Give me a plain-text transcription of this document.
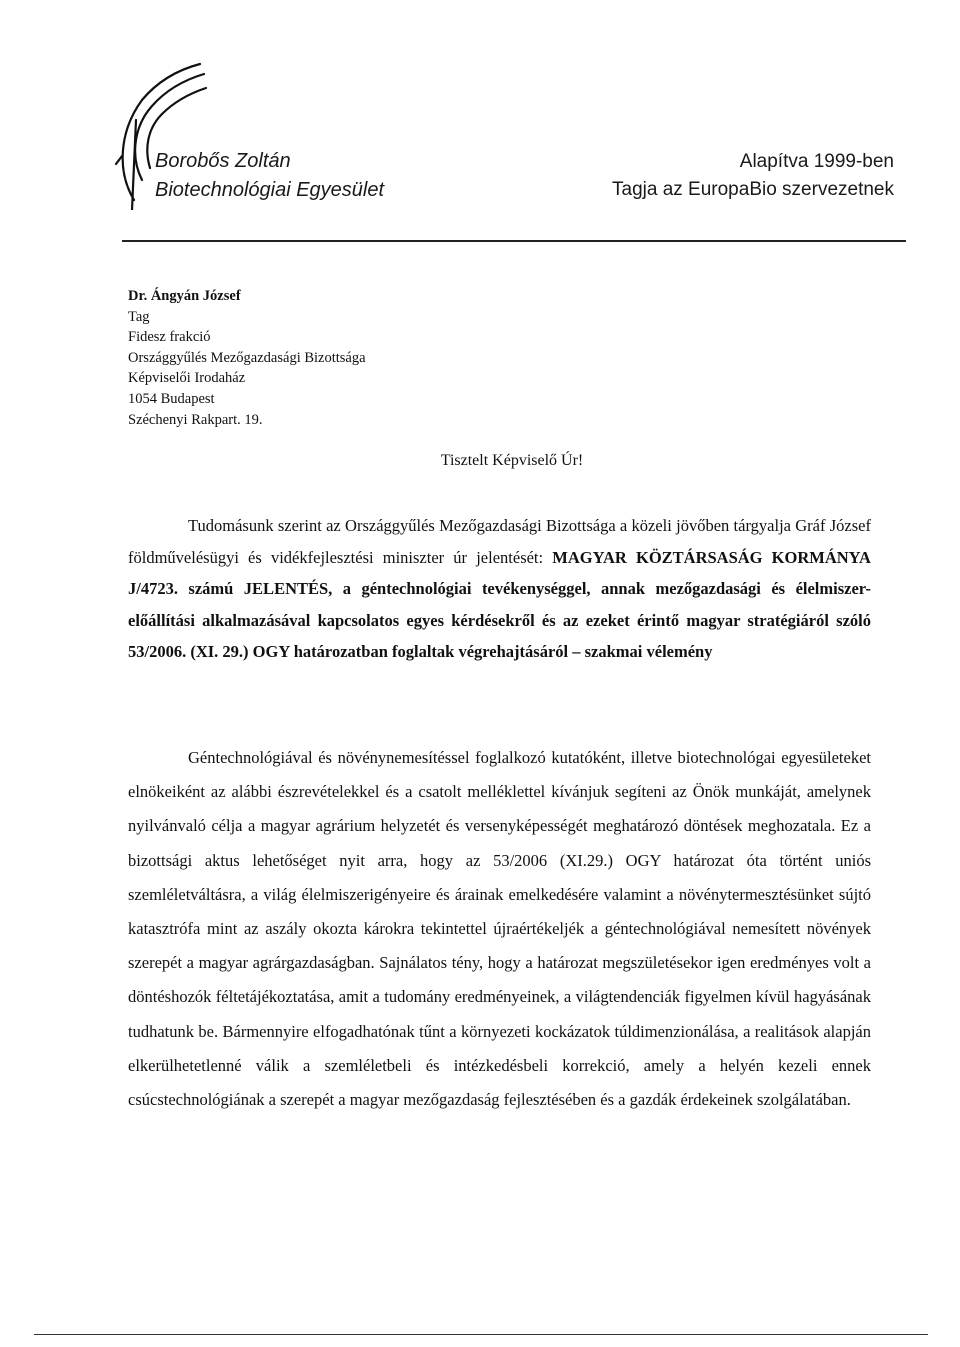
Borobős Zoltán
Biotechnológiai Egyesület
Alapítva 1999-ben
Tagja az EuropaBio szervezetnek
Dr. Ángyán József
Tag
Fidesz frakció
Országgyűlés Mezőgazdasági Bizottsága
Képviselői Irodaház
1054 Budapest
Széchenyi Rakpart. 19.
Tisztelt Képviselő Úr!
Tudomásunk szerint az Országgyűlés Mezőgazdasági Bizottsága a közeli jövőben tárgyalja Gráf József földművelésügyi és vidékfejlesztési miniszter úr jelentését: MAGYAR KÖZTÁRSASÁG KORMÁNYA J/4723. számú JELENTÉS, a géntechnológiai tevékenységgel, annak mezőgazdasági és élelmiszer-előállítási alkalmazásával kapcsolatos egyes kérdésekről és az ezeket érintő magyar stratégiáról szóló 53/2006. (XI. 29.) OGY határozatban foglaltak végrehajtásáról – szakmai vélemény
Géntechnológiával és növénynemesítéssel foglalkozó kutatóként, illetve biotechnológai egyesületeket elnökeiként az alábbi észrevételekkel és a csatolt melléklettel kívánjuk segíteni az Önök munkáját, amelynek nyilvánvaló célja a magyar agrárium helyzetét és versenyképességét meghatározó döntések meghozatala. Ez a bizottsági aktus lehetőséget nyit arra, hogy az 53/2006 (XI.29.) OGY határozat óta történt uniós szemléletváltásra, a világ élelmiszerigényeire és árainak emelkedésére valamint a növénytermesztésünket sújtó katasztrófa mint az aszály okozta károkra tekintettel újraértékeljék a géntechnológiával nemesített növények szerepét a magyar agrárgazdaságban. Sajnálatos tény, hogy a határozat megszületésekor igen eredményes volt a döntéshozók féltetájékoztatása, amit a tudomány eredményeinek, a világtendenciák figyelmen kívül hagyásának tudhatunk be. Bármennyire elfogadhatónak tűnt a környezeti kockázatok túldimenzionálása, a realitások alapján elkerülhetetlenné válik a szemléletbeli és intézkedésbeli korrekció, amely a helyén kezeli ennek csúcstechnológiának a szerepét a magyar mezőgazdaság fejlesztésében és a gazdák érdekeinek szolgálatában.
